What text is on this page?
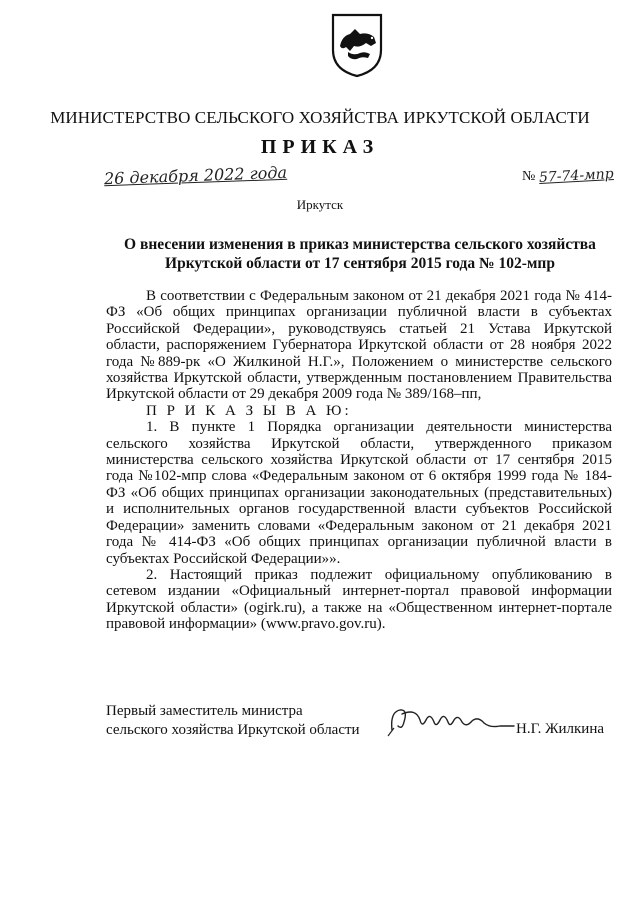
МИНИСТЕРСТВО СЕЛЬСКОГО ХОЗЯЙСТВА ИРКУТСКОЙ ОБЛАСТИ
ПРИКАЗ
26 декабря 2022 года	№ 57-74-мпр
Иркутск
О внесении изменения в приказ министерства сельского хозяйства
Иркутской области от 17 сентября 2015 года № 102-мпр

В соответствии с Федеральным законом от 21 декабря 2021 года № 414-ФЗ «Об общих принципах организации публичной власти в субъектах Российской Федерации», руководствуясь статьей 21 Устава Иркутской области, распоряжением Губернатора Иркутской области от 28 ноября 2022 года №889-рк «О Жилкиной Н.Г.», Положением о министерстве сельского хозяйства Иркутской области, утвержденным постановлением Правительства Иркутской области от 29 декабря 2009 года № 389/168–пп,

П Р И К А З Ы В А Ю:

1. В пункте 1 Порядка организации деятельности министерства сельского хозяйства Иркутской области, утвержденного приказом министерства сельского хозяйства Иркутской области от 17 сентября 2015 года №102-мпр слова «Федеральным законом от 6 октября 1999 года № 184-ФЗ «Об общих принципах организации законодательных (представительных) и исполнительных органов государственной власти субъектов Российской Федерации» заменить словами «Федеральным законом от 21 декабря 2021 года № 414-ФЗ «Об общих принципах организации публичной власти в субъектах Российской Федерации»».

2. Настоящий приказ подлежит официальному опубликованию в сетевом издании «Официальный интернет-портал правовой информации Иркутской области» (ogirk.ru), а также на «Общественном интернет-портале правовой информации» (www.pravo.gov.ru).

Первый заместитель министра
сельского хозяйства Иркутской области	Н.Г. Жилкина
